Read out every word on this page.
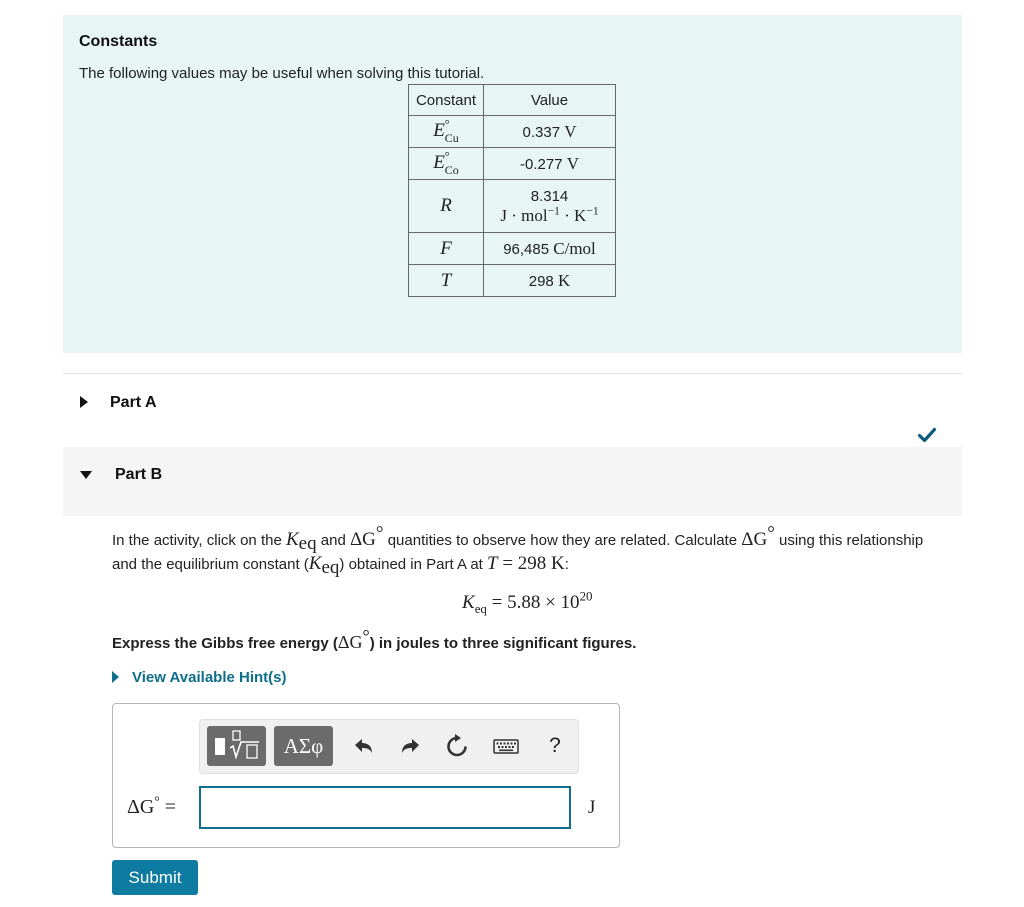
Constants
The following values may be useful when solving this tutorial.
Constant	Value
E °
Cu	0.337 V
E °
Co	-0.277 V
R	8.314
$J \cdot mol^{-1} \cdot K^{-1}$

F	96,485 C/mol
T	298 K
Part A
Part B
In the activity, click on the $K_{eq}$ and ΔG° quantities to observe how they are related. Calculate ΔG° using this relationship and the equilibrium constant $(K_{eq})$ obtained in Part A at T = 298 K:
$K_{eq} = 5.88 \times 10^{20}$
Express the Gibbs free energy (ΔG°) in joules to three significant figures.
View Available Hint(s)
ΑΣφ	?
ΔG° =	J
Submit
